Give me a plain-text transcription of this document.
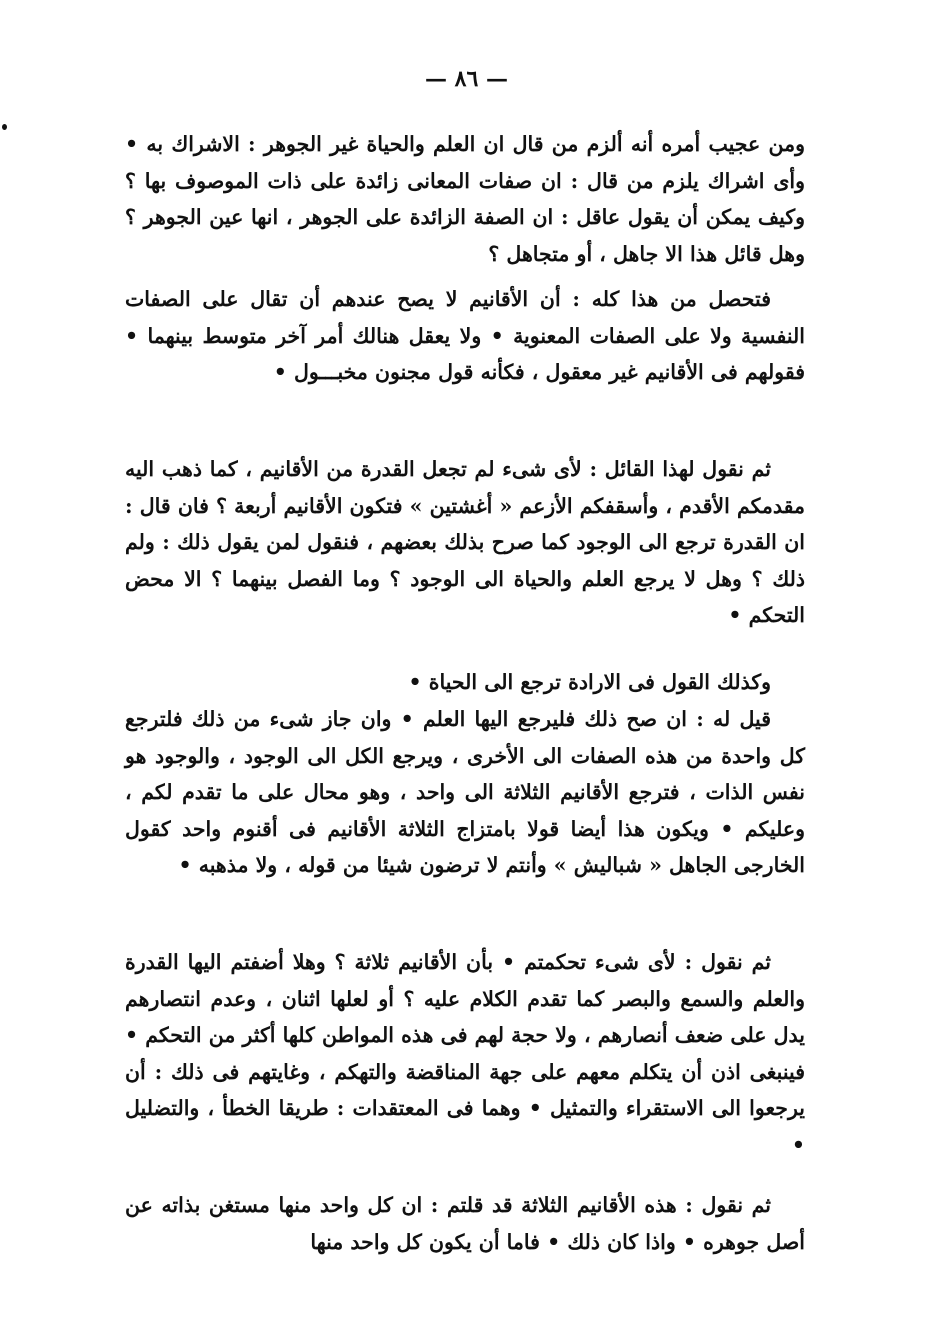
— ٨٦ —

ومن عجيب أمره أنه ألزم من قال ان العلم والحياة غير الجوهر : الاشراك به • وأى اشراك يلزم من قال : ان صفات المعانى زائدة على ذات الموصوف بها ؟ وكيف يمكن أن يقول عاقل : ان الصفة الزائدة على الجوهر ، انها عين الجوهر ؟ وهل قائل هذا الا جاهل ، أو متجاهل ؟

فتحصل من هذا كله : أن الأقانيم لا يصح عندهم أن تقال على الصفات النفسية ولا على الصفات المعنوية • ولا يعقل هنالك أمر آخر متوسط بينهما • فقولهم فى الأقانيم غير معقول ، فكأنه قول مجنون مخبـــول •

ثم نقول لهذا القائل : لأى شىء لم تجعل القدرة من الأقانيم ، كما ذهب اليه مقدمكم الأقدم ، وأسقفكم الأزعم « أغشتين » فتكون الأقانيم أربعة ؟ فان قال : ان القدرة ترجع الى الوجود كما صرح بذلك بعضهم ، فنقول لمن يقول ذلك : ولم ذلك ؟ وهل لا يرجع العلم والحياة الى الوجود ؟ وما الفصل بينهما ؟ الا محض التحكم •

وكذلك القول فى الارادة ترجع الى الحياة •

قيل له : ان صح ذلك فليرجع اليها العلم • وان جاز شىء من ذلك فلترجع كل واحدة من هذه الصفات الى الأخرى ، ويرجع الكل الى الوجود ، والوجود هو نفس الذات ، فترجع الأقانيم الثلاثة الى واحد ، وهو محال على ما تقدم لكم ، وعليكم • ويكون هذا أيضا قولا بامتزاج الثلاثة الأقانيم فى أقنوم واحد كقول الخارجى الجاهل « شباليش » وأنتم لا ترضون شيئا من قوله ، ولا مذهبه •

ثم نقول : لأى شىء تحكمتم • بأن الأقانيم ثلاثة ؟ وهلا أضفتم اليها القدرة والعلم والسمع والبصر كما تقدم الكلام عليه ؟ أو لعلها اثنان ، وعدم انتصارهم يدل على ضعف أنصارهم ، ولا حجة لهم فى هذه المواطن كلها أكثر من التحكم • فينبغى اذن أن يتكلم معهم على جهة المناقضة والتهكم ، وغايتهم فى ذلك : أن يرجعوا الى الاستقراء والتمثيل • وهما فى المعتقدات : طريقا الخطأ ، والتضليل •

ثم نقول : هذه الأقانيم الثلاثة قد قلتم : ان كل واحد منها مستغن بذاته عن أصل جوهره • واذا كان ذلك • فاما أن يكون كل واحد منها
